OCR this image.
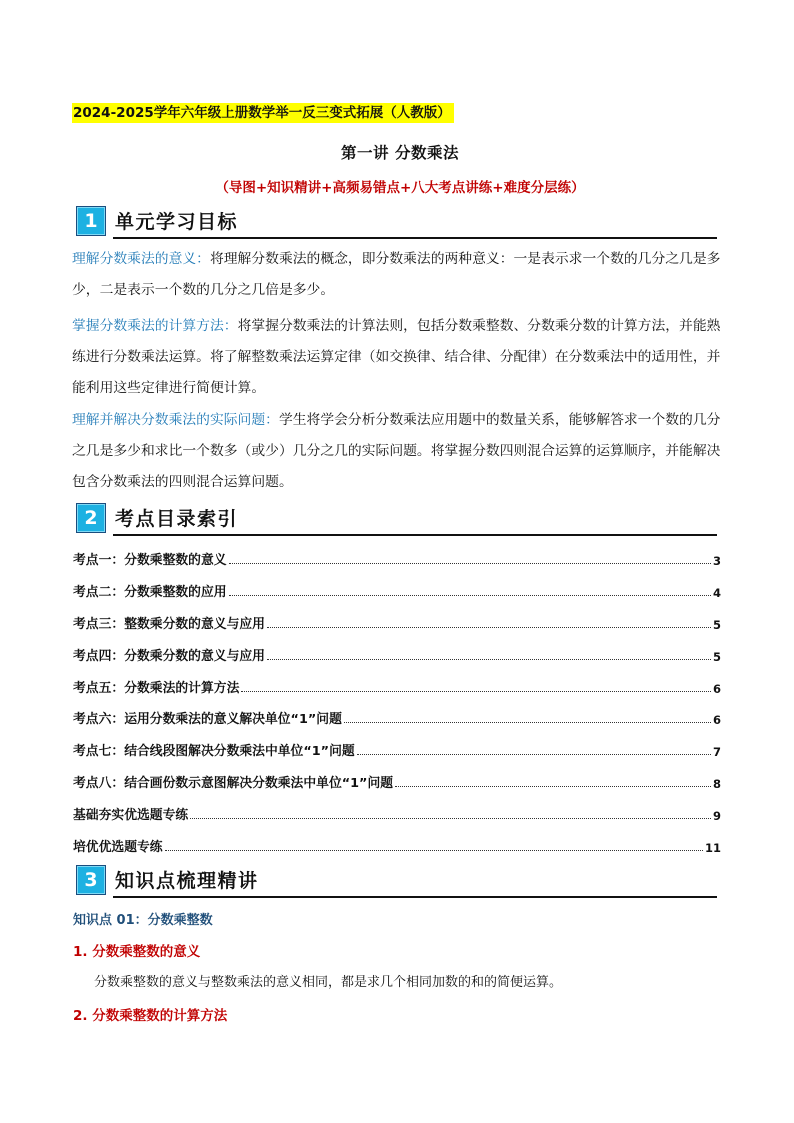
2024-2025学年六年级上册数学举一反三变式拓展（人教版）
第一讲 分数乘法
（导图+知识精讲+高频易错点+八大考点讲练+难度分层练）
1 单元学习目标
理解分数乘法的意义：将理解分数乘法的概念，即分数乘法的两种意义：一是表示求一个数的几分之几是多少，二是表示一个数的几分之几倍是多少。
掌握分数乘法的计算方法：将掌握分数乘法的计算法则，包括分数乘整数、分数乘分数的计算方法，并能熟练进行分数乘法运算。将了解整数乘法运算定律（如交换律、结合律、分配律）在分数乘法中的适用性，并能利用这些定律进行简便计算。
理解并解决分数乘法的实际问题：学生将学会分析分数乘法应用题中的数量关系，能够解答求一个数的几分之几是多少和求比一个数多（或少）几分之几的实际问题。将掌握分数四则混合运算的运算顺序，并能解决包含分数乘法的四则混合运算问题。
2 考点目录索引
考点一：分数乘整数的意义	3
考点二：分数乘整数的应用	4
考点三：整数乘分数的意义与应用	5
考点四：分数乘分数的意义与应用	5
考点五：分数乘法的计算方法	6
考点六：运用分数乘法的意义解决单位“1”问题	6
考点七：结合线段图解决分数乘法中单位“1”问题	7
考点八：结合画份数示意图解决分数乘法中单位“1”问题	8
基础夯实优选题专练	9
培优优选题专练	11
3 知识点梳理精讲
知识点 01：分数乘整数
1. 分数乘整数的意义
分数乘整数的意义与整数乘法的意义相同，都是求几个相同加数的和的简便运算。
2. 分数乘整数的计算方法
